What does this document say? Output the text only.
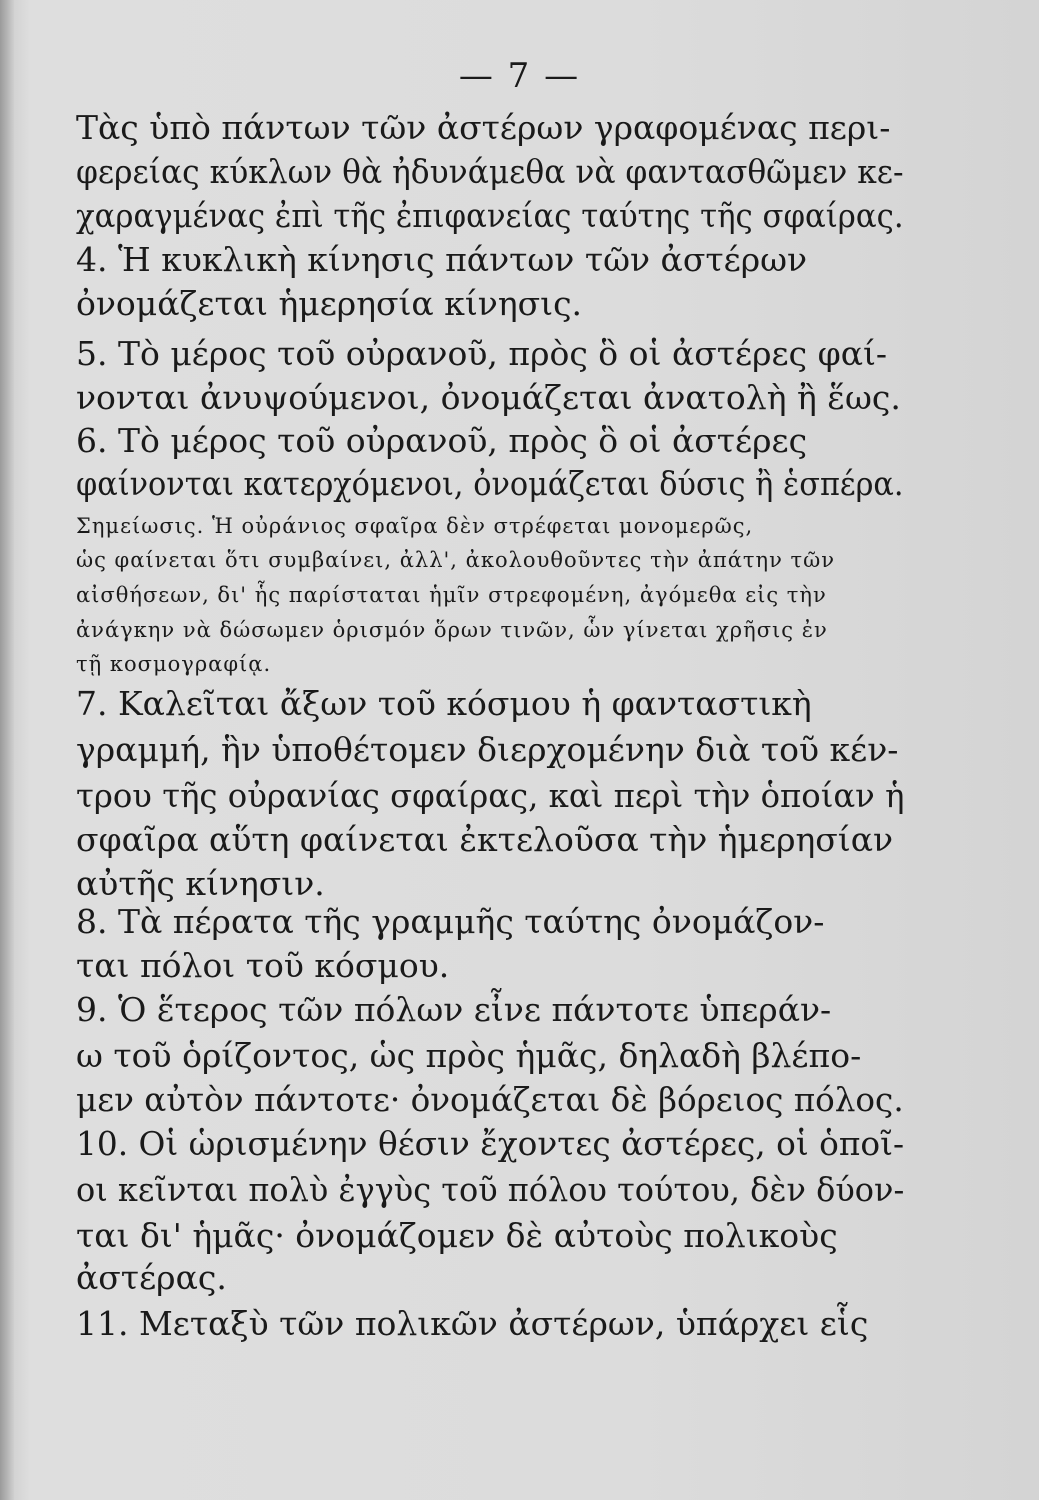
— 7 —
Τὰς ὑπὸ πάντων τῶν ἀστέρων γραφομένας περι-
φερείας κύκλων θὰ ἠδυνάμεθα νὰ φαντασθῶμεν κε-
χαραγμένας ἐπὶ τῆς ἐπιφανείας ταύτης τῆς σφαίρας.
4. Ἡ κυκλικὴ κίνησις πάντων τῶν ἀστέρων
ὀνομάζεται ἡμερησία κίνησις.
5. Τὸ μέρος τοῦ οὐρανοῦ, πρὸς ὃ οἱ ἀστέρες φαί-
νονται ἀνυψούμενοι, ὀνομάζεται ἀνατολὴ ἢ ἕως.
6. Τὸ μέρος τοῦ οὐρανοῦ, πρὸς ὃ οἱ ἀστέρες
φαίνονται κατερχόμενοι, ὀνομάζεται δύσις ἢ ἑσπέρα.
Σημείωσις. Ἡ οὐράνιος σφαῖρα δὲν στρέφεται μονομερῶς,
ὡς φαίνεται ὅτι συμβαίνει, ἀλλ', ἀκολουθοῦντες τὴν ἀπάτην τῶν
αἰσθήσεων, δι' ἧς παρίσταται ἡμῖν στρεφομένη, ἀγόμεθα εἰς τὴν
ἀνάγκην νὰ δώσωμεν ὁρισμόν ὅρων τινῶν, ὧν γίνεται χρῆσις ἐν
τῇ κοσμογραφίᾳ.
7. Καλεῖται ἄξων τοῦ κόσμου ἡ φανταστικὴ
γραμμή, ἣν ὑποθέτομεν διερχομένην διὰ τοῦ κέν-
τρου τῆς οὐρανίας σφαίρας, καὶ περὶ τὴν ὁποίαν ἡ
σφαῖρα αὕτη φαίνεται ἐκτελοῦσα τὴν ἡμερησίαν
αὐτῆς κίνησιν.
8. Τὰ πέρατα τῆς γραμμῆς ταύτης ὀνομάζον-
ται πόλοι τοῦ κόσμου.
9. Ὁ ἕτερος τῶν πόλων εἶνε πάντοτε ὑπεράν-
ω τοῦ ὁρίζοντος, ὡς πρὸς ἡμᾶς, δηλαδὴ βλέπο-
μεν αὐτὸν πάντοτε· ὀνομάζεται δὲ βόρειος πόλος.
10. Οἱ ὡρισμένην θέσιν ἔχοντες ἀστέρες, οἱ ὁποῖ-
οι κεῖνται πολὺ ἐγγὺς τοῦ πόλου τούτου, δὲν δύον-
ται δι' ἡμᾶς· ὀνομάζομεν δὲ αὐτοὺς πολικοὺς
ἀστέρας.
11. Μεταξὺ τῶν πολικῶν ἀστέρων, ὑπάρχει εἷς
